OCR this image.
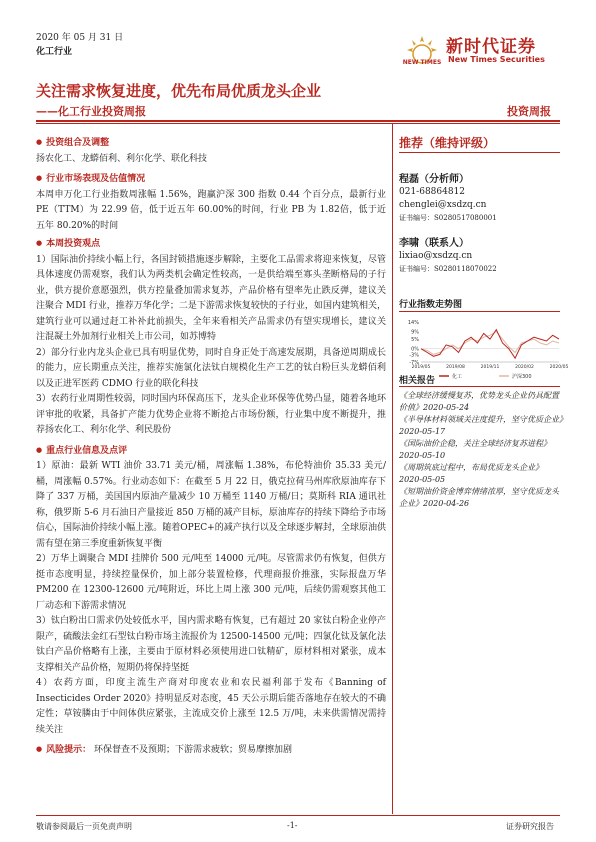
2020 年 05 月 31 日
化工行业
NEW TIMES
新时代证券
New Times Securities
关注需求恢复进度，优先布局优质龙头企业
——化工行业投资周报	投资周报
● 投资组合及调整
扬农化工、龙蟒佰利、利尔化学、联化科技
● 行业市场表现及估值情况
本周申万化工行业指数周涨幅 1.56%，跑赢沪深 300 指数 0.44 个百分点，最新行业 PE（TTM）为 22.99 倍，低于近五年 60.00%的时间，行业 PB 为 1.82倍，低于近五年 80.20%的时间
● 本周投资观点
1）国际油价持续小幅上行，各国封锁措施逐步解除，主要化工品需求将迎来恢复，尽管具体速度仍需观察，我们认为两类机会确定性较高，一是供给端至寡头垄断格局的子行业，供方提价意愿强烈，供方控量叠加需求复苏，产品价格有望率先止跌反弹，建议关注聚合 MDI 行业，推荐万华化学；二是下游需求恢复较快的子行业，如国内建筑相关，建筑行业可以通过赶工补补此前损失，全年来看相关产品需求仍有望实现增长，建议关注混凝土外加剂行业相关上市公司，如苏博特
2）部分行业内龙头企业已具有明显优势，同时自身正处于高速发展期，具备逆周期成长的能力，应长期重点关注，推荐实施氯化法钛白规模化生产工艺的钛白粉巨头龙蟒佰利以及正进军医药 CDMO 行业的联化科技
3）农药行业周期性较弱，同时国内环保高压下，龙头企业环保等优势凸显，随着各地环评审批的收紧，具备扩产能力优势企业将不断抢占市场份额，行业集中度不断提升，推荐扬农化工、利尔化学、利民股份
● 重点行业信息及点评
1）原油：最新 WTI 油价 33.71 美元/桶，周涨幅 1.38%，布伦特油价 35.33 美元/桶，周涨幅 0.57%。行业动态如下：在截至 5 月 22 日，俄克拉荷马州库欣原油库存下降了 337 万桶，美国国内原油产量减少 10 万桶至 1140 万桶/日；莫斯科 RIA 通讯社称，俄罗斯 5-6 月石油日产量接近 850 万桶的减产目标，原油库存的持续下降给予市场信心，国际油价持续小幅上涨。随着OPEC+的减产执行以及全球逐步解封，全球原油供需有望在第三季度重新恢复平衡
2）万华上调聚合 MDI 挂牌价 500 元/吨至 14000 元/吨。尽管需求仍有恢复，但供方挺市态度明显，持续控量保价，加上部分装置检修，代理商报价推涨，实际报盘万华 PM200 在 12300-12600 元/吨附近，环比上周上涨 300 元/吨，后续仍需观察其他工厂动态和下游需求情况
3）钛白粉出口需求仍处较低水平，国内需求略有恢复，已有超过 20 家钛白粉企业停产限产，硫酸法金红石型钛白粉市场主流报价为 12500-14500 元/吨；四氯化钛及氯化法钛白产品价格略有上涨，主要由于原材料必须使用进口钛精矿，原材料相对紧张，成本支撑相关产品价格，短期仍将保持坚挺
4）农药方面，印度主流生产商对印度农业和农民福利部于发布《Banning of Insecticides Order 2020》持明显反对态度，45 天公示期后能否落地存在较大的不确定性；草铵膦由于中间体供应紧张，主流成交价上涨至 12.5 万/吨，未来供需情况需持续关注
● 风险提示： 环保督查不及预期；下游需求疲软；贸易摩擦加剧
推荐（维持评级）
程磊（分析师）
021-68864812
chenglei@xsdzq.cn
证书编号：S0280517080001
李啸（联系人）
lixiao@xsdzq.cn
证书编号：S0280118070022
行业指数走势图
14%
9%
5%
0%
-3%
-7%
2019/05	2019/08	2019/11	2020/02	2020/05
化工	沪深300
相关报告
《全球经济缓慢复苏，优势龙头企业仍具配置价值》2020-05-24
《半导体材料领域关注度提升，坚守优质企业》2020-05-17
《国际油价企稳，关注全球经济复苏进程》2020-05-10
《周期筑底过程中，布局优质龙头企业》2020-05-05
《短期油价资金博弈情绪浓厚，坚守优质龙头企业》2020-04-26
敬请参阅最后一页免责声明	-1-	证券研究报告
